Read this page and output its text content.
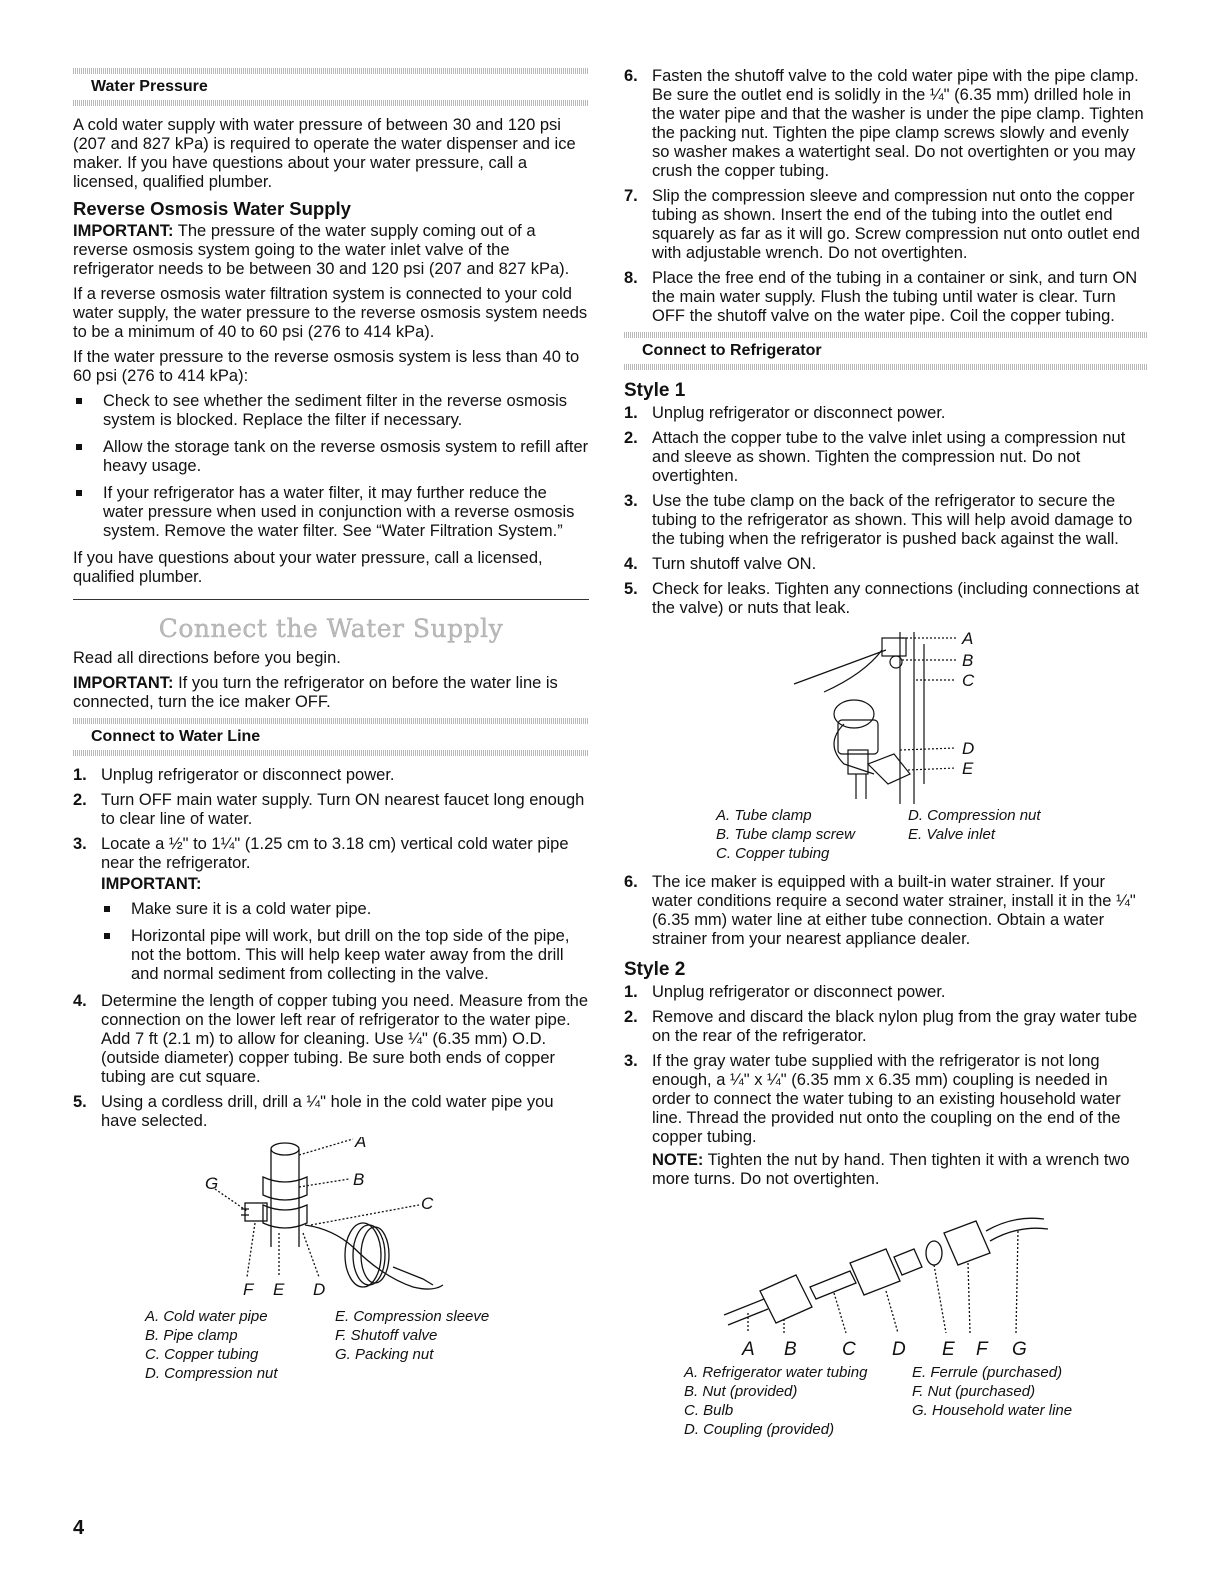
Water Pressure

A cold water supply with water pressure of between 30 and 120 psi (207 and 827 kPa) is required to operate the water dispenser and ice maker. If you have questions about your water pressure, call a licensed, qualified plumber.

Reverse Osmosis Water Supply

IMPORTANT: The pressure of the water supply coming out of a reverse osmosis system going to the water inlet valve of the refrigerator needs to be between 30 and 120 psi (207 and 827 kPa).

If a reverse osmosis water filtration system is connected to your cold water supply, the water pressure to the reverse osmosis system needs to be a minimum of 40 to 60 psi (276 to 414 kPa).

If the water pressure to the reverse osmosis system is less than 40 to 60 psi (276 to 414 kPa):

Check to see whether the sediment filter in the reverse osmosis system is blocked. Replace the filter if necessary.
Allow the storage tank on the reverse osmosis system to refill after heavy usage.
If your refrigerator has a water filter, it may further reduce the water pressure when used in conjunction with a reverse osmosis system. Remove the water filter. See “Water Filtration System.”

If you have questions about your water pressure, call a licensed, qualified plumber.

Connect the Water Supply

Read all directions before you begin.

IMPORTANT: If you turn the refrigerator on before the water line is connected, turn the ice maker OFF.

Connect to Water Line
1. Unplug refrigerator or disconnect power.
2. Turn OFF main water supply. Turn ON nearest faucet long enough to clear line of water.
3. Locate a ½" to 1¼" (1.25 cm to 3.18 cm) vertical cold water pipe near the refrigerator.
IMPORTANT:
Make sure it is a cold water pipe.
Horizontal pipe will work, but drill on the top side of the pipe, not the bottom. This will help keep water away from the drill and normal sediment from collecting in the valve.
4. Determine the length of copper tubing you need. Measure from the connection on the lower left rear of refrigerator to the water pipe. Add 7 ft (2.1 m) to allow for cleaning. Use ¼" (6.35 mm) O.D. (outside diameter) copper tubing. Be sure both ends of copper tubing are cut square.
5. Using a cordless drill, drill a ¼" hole in the cold water pipe you have selected.
A
B
C
F E D
G
A. Cold water pipe	E. Compression sleeve
B. Pipe clamp	F. Shutoff valve
C. Copper tubing	G. Packing nut
D. Compression nut
6. Fasten the shutoff valve to the cold water pipe with the pipe clamp. Be sure the outlet end is solidly in the ¼" (6.35 mm) drilled hole in the water pipe and that the washer is under the pipe clamp. Tighten the packing nut. Tighten the pipe clamp screws slowly and evenly so washer makes a watertight seal. Do not overtighten or you may crush the copper tubing.
7. Slip the compression sleeve and compression nut onto the copper tubing as shown. Insert the end of the tubing into the outlet end squarely as far as it will go. Screw compression nut onto outlet end with adjustable wrench. Do not overtighten.
8. Place the free end of the tubing in a container or sink, and turn ON the main water supply. Flush the tubing until water is clear. Turn OFF the shutoff valve on the water pipe. Coil the copper tubing.
Connect to Refrigerator
Style 1
1. Unplug refrigerator or disconnect power.
2. Attach the copper tube to the valve inlet using a compression nut and sleeve as shown. Tighten the compression nut. Do not overtighten.
3. Use the tube clamp on the back of the refrigerator to secure the tubing to the refrigerator as shown. This will help avoid damage to the tubing when the refrigerator is pushed back against the wall.
4. Turn shutoff valve ON.
5. Check for leaks. Tighten any connections (including connections at the valve) or nuts that leak.
A
B
C
D
E
A. Tube clamp	D. Compression nut
B. Tube clamp screw	E. Valve inlet
C. Copper tubing
6. The ice maker is equipped with a built-in water strainer. If your water conditions require a second water strainer, install it in the ¼" (6.35 mm) water line at either tube connection. Obtain a water strainer from your nearest appliance dealer.
Style 2
1. Unplug refrigerator or disconnect power.
2. Remove and discard the black nylon plug from the gray water tube on the rear of the refrigerator.
3. If the gray water tube supplied with the refrigerator is not long enough, a ¼" x ¼" (6.35 mm x 6.35 mm) coupling is needed in order to connect the water tubing to an existing household water line. Thread the provided nut onto the coupling on the end of the copper tubing.
NOTE: Tighten the nut by hand. Then tighten it with a wrench two more turns. Do not overtighten.
A B C D E F G
A. Refrigerator water tubing	E. Ferrule (purchased)
B. Nut (provided)	F. Nut (purchased)
C. Bulb	G. Household water line
D. Coupling (provided)
4
